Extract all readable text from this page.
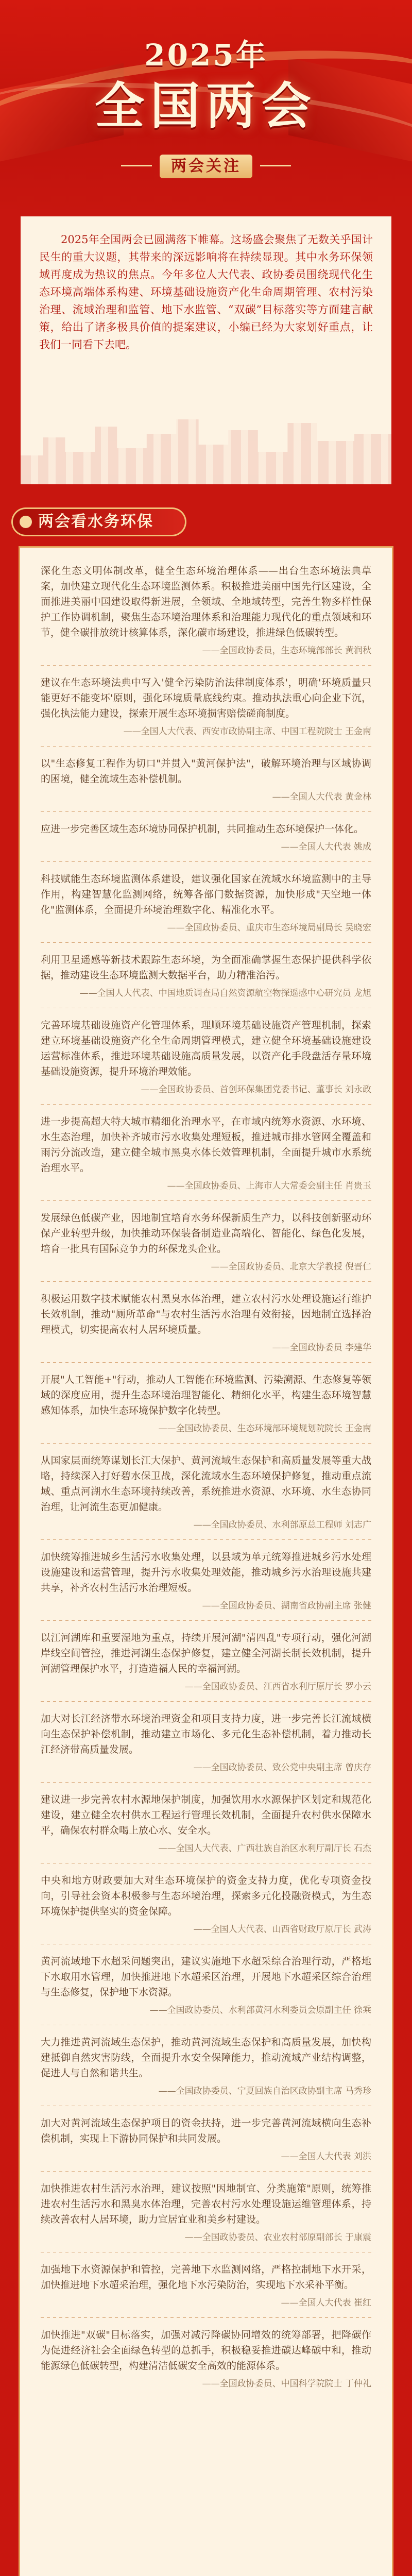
2025年
全国两会
两会关注

2025年全国两会已圆满落下帷幕。这场盛会聚焦了无数关乎国计民生的重大议题，其带来的深远影响将在持续显现。其中水务环保领域再度成为热议的焦点。今年多位人大代表、政协委员围绕现代化生态环境高端体系构建、环境基础设施资产化生命周期管理、农村污染治理、流域治理和监管、地下水监管、“双碳”目标落实等方面建言献策，给出了诸多极具价值的提案建议，小编已经为大家划好重点，让我们一同看下去吧。

两会看水务环保

深化生态文明体制改革，健全生态环境治理体系——出台生态环境法典草案，加快建立现代化生态环境监测体系。积极推进美丽中国先行区建设，全面推进美丽中国建设取得新进展，全领域、全地域转型，完善生物多样性保护工作协调机制，聚焦生态环境治理体系和治理能力现代化的重点领域和环节，健全碳排放统计核算体系，深化碳市场建设，推进绿色低碳转型。

——全国政协委员，生态环境部部长 黄润秋

建议在生态环境法典中写入'健全污染防治法律制度体系'，明确'环境质量只能更好不能变坏'原则，强化环境质量底线约束。推动执法重心向企业下沉，强化执法能力建设，探索开展生态环境损害赔偿磋商制度。

——全国人大代表、西安市政协副主席、中国工程院院士 王金南

以"生态修复工程作为切口"并贯入"黄河保护法"，破解环境治理与区域协调的困境，健全流域生态补偿机制。

——全国人大代表 黄金林

应进一步完善区域生态环境协同保护机制，共同推动生态环境保护一体化。

——全国人大代表 姚成

科技赋能生态环境监测体系建设，建议强化国家在流域水环境监测中的主导作用，构建智慧化监测网络，统筹各部门数据资源，加快形成"天空地一体化"监测体系，全面提升环境治理数字化、精准化水平。

——全国政协委员、重庆市生态环境局副局长 吴晓宏

利用卫星遥感等新技术跟踪生态环境，为全面准确掌握生态保护提供科学依据，推动建设生态环境监测大数据平台，助力精准治污。

——全国人大代表、中国地质调查局自然资源航空物探遥感中心研究员 龙旭

完善环境基础设施资产化管理体系，理顺环境基础设施资产管理机制，探索建立环境基础设施资产化全生命周期管理模式，建立健全环境基础设施建设运营标准体系，推进环境基础设施高质量发展，以资产化手段盘活存量环境基础设施资源，提升环境治理效能。

——全国政协委员、首创环保集团党委书记、董事长 刘永政

进一步提高超大特大城市精细化治理水平，在市域内统筹水资源、水环境、水生态治理，加快补齐城市污水收集处理短板，推进城市排水管网全覆盖和雨污分流改造，建立健全城市黑臭水体长效管理机制，全面提升城市水系统治理水平。

——全国政协委员、上海市人大常委会副主任 肖贵玉

发展绿色低碳产业，因地制宜培育水务环保新质生产力，以科技创新驱动环保产业转型升级，加快推动环保装备制造业高端化、智能化、绿色化发展，培育一批具有国际竞争力的环保龙头企业。

——全国政协委员、北京大学教授 倪晋仁

积极运用数字技术赋能农村黑臭水体治理，建立农村污水处理设施运行维护长效机制，推动"厕所革命"与农村生活污水治理有效衔接，因地制宜选择治理模式，切实提高农村人居环境质量。

——全国政协委员 李建华

开展"人工智能+"行动，推动人工智能在环境监测、污染溯源、生态修复等领域的深度应用，提升生态环境治理智能化、精细化水平，构建生态环境智慧感知体系，加快生态环境保护数字化转型。

——全国政协委员、生态环境部环境规划院院长 王金南

从国家层面统筹谋划长江大保护、黄河流域生态保护和高质量发展等重大战略，持续深入打好碧水保卫战，深化流域水生态环境保护修复，推动重点流域、重点河湖水生态环境持续改善，系统推进水资源、水环境、水生态协同治理，让河流生态更加健康。

——全国政协委员、水利部原总工程师 刘志广

加快统筹推进城乡生活污水收集处理，以县域为单元统筹推进城乡污水处理设施建设和运营管理，提升污水收集处理效能，推动城乡污水治理设施共建共享，补齐农村生活污水治理短板。

——全国政协委员、湖南省政协副主席 张健

以江河湖库和重要湿地为重点，持续开展河湖"清四乱"专项行动，强化河湖岸线空间管控，推进河湖生态保护修复，建立健全河湖长制长效机制，提升河湖管理保护水平，打造造福人民的幸福河湖。

——全国政协委员、江西省水利厅原厅长 罗小云

加大对长江经济带水环境治理资金和项目支持力度，进一步完善长江流域横向生态保护补偿机制，推动建立市场化、多元化生态补偿机制，着力推动长江经济带高质量发展。

——全国政协委员、致公党中央副主席 曾庆存

建议进一步完善农村水源地保护制度，加强饮用水水源保护区划定和规范化建设，建立健全农村供水工程运行管理长效机制，全面提升农村供水保障水平，确保农村群众喝上放心水、安全水。

——全国人大代表、广西壮族自治区水利厅副厅长 石杰

中央和地方财政要加大对生态环境保护的资金支持力度，优化专项资金投向，引导社会资本积极参与生态环境治理，探索多元化投融资模式，为生态环境保护提供坚实的资金保障。

——全国人大代表、山西省财政厅原厅长 武涛

黄河流域地下水超采问题突出，建议实施地下水超采综合治理行动，严格地下水取用水管理，加快推进地下水超采区治理，开展地下水超采区综合治理与生态修复，保护地下水资源。

——全国政协委员、水利部黄河水利委员会原副主任 徐乘

大力推进黄河流域生态保护，推动黄河流域生态保护和高质量发展，加快构建抵御自然灾害防线，全面提升水安全保障能力，推动流域产业结构调整，促进人与自然和谐共生。

——全国政协委员、宁夏回族自治区政协副主席 马秀珍

加大对黄河流域生态保护项目的资金扶持，进一步完善黄河流域横向生态补偿机制，实现上下游协同保护和共同发展。

——全国人大代表 刘洪

加快推进农村生活污水治理，建议按照"因地制宜、分类施策"原则，统筹推进农村生活污水和黑臭水体治理，完善农村污水处理设施运维管理体系，持续改善农村人居环境，助力宜居宜业和美乡村建设。

——全国政协委员、农业农村部原副部长 于康震

加强地下水资源保护和管控，完善地下水监测网络，严格控制地下水开采，加快推进地下水超采治理，强化地下水污染防治，实现地下水采补平衡。

——全国人大代表 崔红

加快推进"双碳"目标落实，加强对减污降碳协同增效的统筹部署，把降碳作为促进经济社会全面绿色转型的总抓手，积极稳妥推进碳达峰碳中和，推动能源绿色低碳转型，构建清洁低碳安全高效的能源体系。

——全国政协委员、中国科学院院士 丁仲礼
